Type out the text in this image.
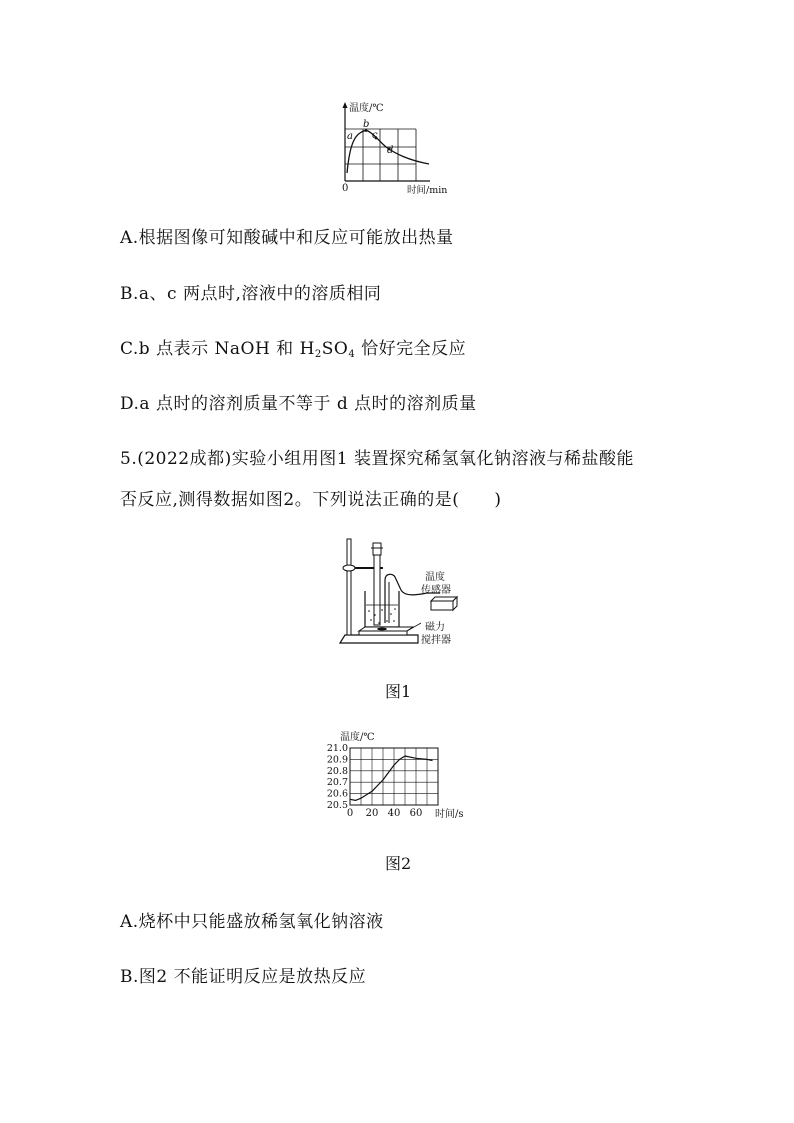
温度/℃
时间/min
0
a
b
c
d
A.根据图像可知酸碱中和反应可能放出热量
B.a、c 两点时,溶液中的溶质相同
C.b 点表示 NaOH 和 $H_2SO_4$ 恰好完全反应
D.a 点时的溶剂质量不等于 d 点时的溶剂质量
5.(2022成都)实验小组用图1 装置探究稀氢氧化钠溶液与稀盐酸能
否反应,测得数据如图2。下列说法正确的是(　　)
温度
传感器
磁力
搅拌器
图1
温度/℃
时间/s
20.5
20.6
20.7
20.8
20.9
21.0
0 20 40 60
图2
A.烧杯中只能盛放稀氢氧化钠溶液
B.图2 不能证明反应是放热反应
